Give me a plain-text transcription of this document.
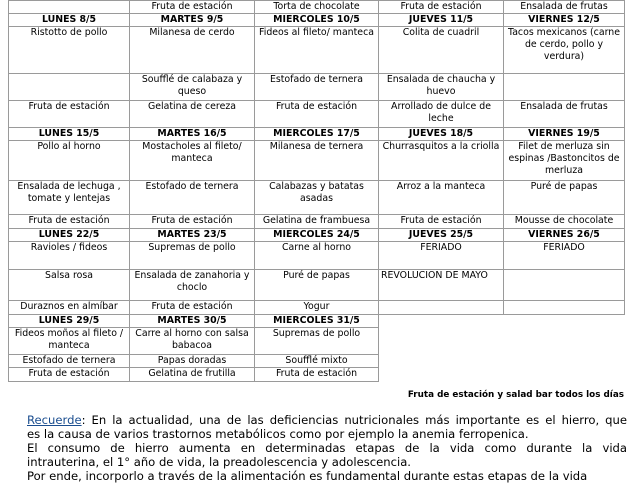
	Fruta de estación	Torta de chocolate	Fruta de estación	Ensalada de frutas
LUNES 8/5	MARTES 9/5	MIERCOLES 10/5	JUEVES 11/5	VIERNES 12/5
Ristotto de pollo	Milanesa de cerdo	Fideos al fileto/ manteca	Colita de cuadril	Tacos mexicanos (carne de cerdo, pollo y verdura)
	Soufflé de calabaza y queso	Estofado de ternera	Ensalada de chaucha y huevo	
Fruta de estación	Gelatina de cereza	Fruta de estación	Arrollado de dulce de leche	Ensalada de frutas
LUNES 15/5	MARTES 16/5	MIERCOLES 17/5	JUEVES 18/5	VIERNES 19/5
Pollo al horno	Mostacholes al fileto/ manteca	Milanesa de ternera	Churrasquitos a la criolla	Filet de merluza sin espinas /Bastoncitos de merluza
Ensalada de lechuga , tomate y lentejas	Estofado de ternera	Calabazas y batatas asadas	Arroz a la manteca	Puré de papas
Fruta de estación	Fruta de estación	Gelatina de frambuesa	Fruta de estación	Mousse de chocolate
LUNES 22/5	MARTES 23/5	MIERCOLES 24/5	JUEVES 25/5	VIERNES 26/5
Ravioles / fideos	Supremas de pollo	Carne al horno	FERIADO	FERIADO
Salsa rosa	Ensalada de zanahoria y choclo	Puré de papas	REVOLUCION DE MAYO	
Duraznos en almíbar	Fruta de estación	Yogur		
LUNES 29/5	MARTES 30/5	MIERCOLES 31/5		
Fideos moños al fileto / manteca	Carre al horno con salsa babacoa	Supremas de pollo		
Estofado de ternera	Papas doradas	Soufflé mixto		
Fruta de estación	Gelatina de frutilla	Fruta de estación		
Fruta de estación y salad bar todos los días
Recuerde: En la actualidad, una de las deficiencias nutricionales más importante es el hierro, que
es la causa de varios trastornos metabólicos como por ejemplo la anemia ferropenica.
El consumo de hierro aumenta en determinadas etapas de la vida como durante la vida
intrauterina, el 1° año de vida, la preadolescencia y adolescencia.
Por ende, incorporlo a través de la alimentación es fundamental durante estas etapas de la vida
